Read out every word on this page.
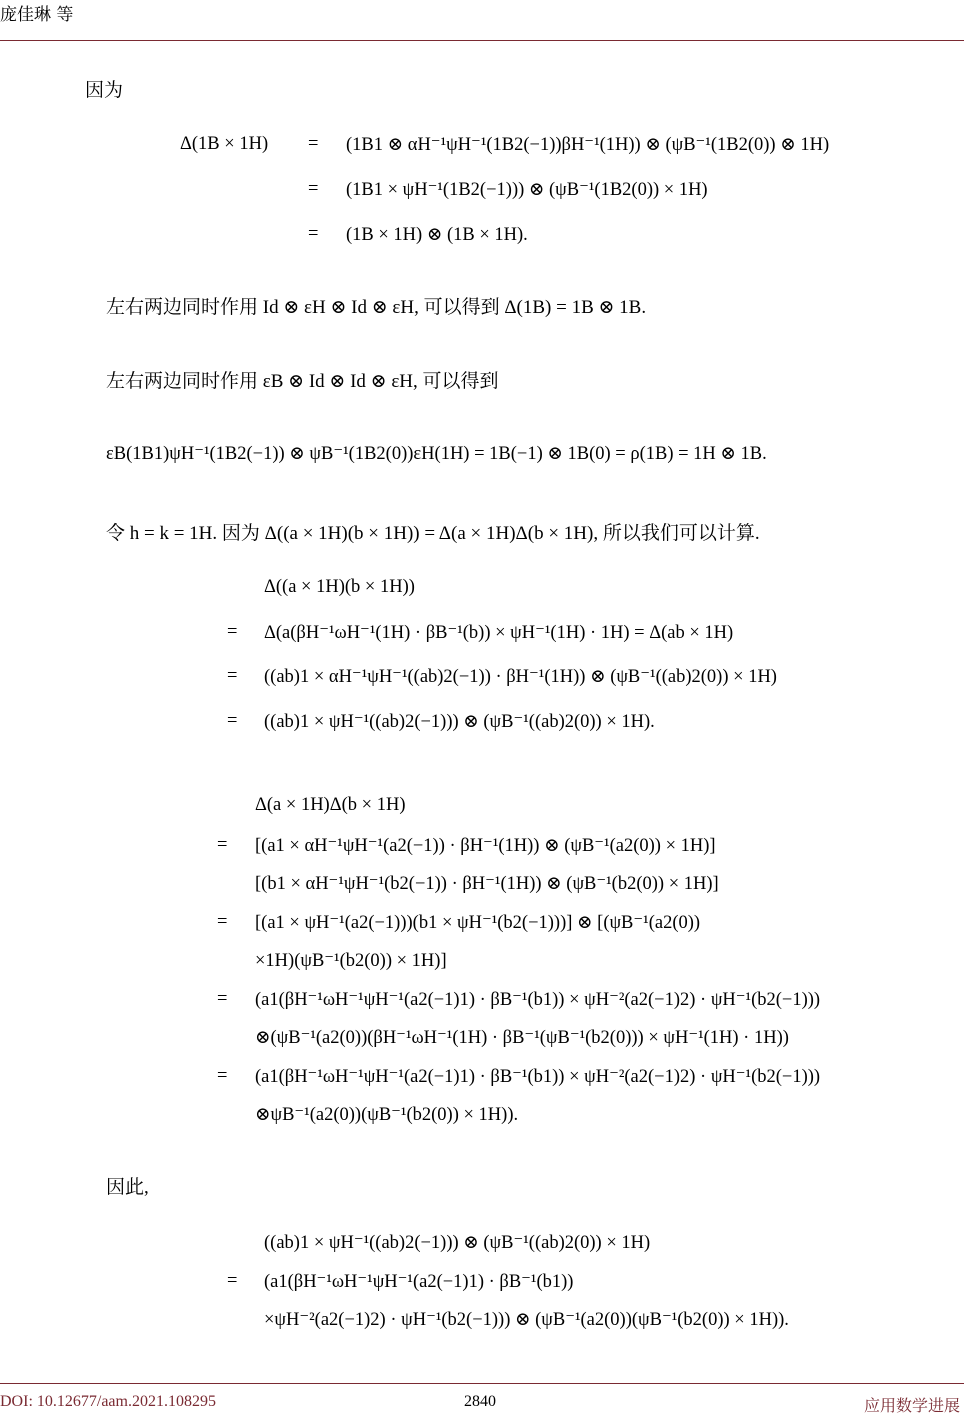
庞佳琳 等
因为
Δ(1B × 1H) = (1B1 ⊗ αH⁻¹ψH⁻¹(1B2(−1))βH⁻¹(1H)) ⊗ (ψB⁻¹(1B2(0)) ⊗ 1H)
= (1B1 × ψH⁻¹(1B2(−1))) ⊗ (ψB⁻¹(1B2(0)) × 1H)
= (1B × 1H) ⊗ (1B × 1H).
左右两边同时作用 Id ⊗ εH ⊗ Id ⊗ εH, 可以得到 Δ(1B) = 1B ⊗ 1B.
左右两边同时作用 εB ⊗ Id ⊗ Id ⊗ εH, 可以得到
εB(1B1)ψH⁻¹(1B2(−1)) ⊗ ψB⁻¹(1B2(0))εH(1H) = 1B(−1) ⊗ 1B(0) = ρ(1B) = 1H ⊗ 1B.
令 h = k = 1H. 因为 Δ((a × 1H)(b × 1H)) = Δ(a × 1H)Δ(b × 1H), 所以我们可以计算.
Δ((a × 1H)(b × 1H))
= Δ(a(βH⁻¹ωH⁻¹(1H) · βB⁻¹(b)) × ψH⁻¹(1H) · 1H) = Δ(ab × 1H)
= ((ab)1 × αH⁻¹ψH⁻¹((ab)2(−1)) · βH⁻¹(1H)) ⊗ (ψB⁻¹((ab)2(0)) × 1H)
= ((ab)1 × ψH⁻¹((ab)2(−1))) ⊗ (ψB⁻¹((ab)2(0)) × 1H).
Δ(a × 1H)Δ(b × 1H)
= [(a1 × αH⁻¹ψH⁻¹(a2(−1)) · βH⁻¹(1H)) ⊗ (ψB⁻¹(a2(0)) × 1H)]
[(b1 × αH⁻¹ψH⁻¹(b2(−1)) · βH⁻¹(1H)) ⊗ (ψB⁻¹(b2(0)) × 1H)]
= [(a1 × ψH⁻¹(a2(−1)))(b1 × ψH⁻¹(b2(−1)))] ⊗ [(ψB⁻¹(a2(0))
×1H)(ψB⁻¹(b2(0)) × 1H)]
= (a1(βH⁻¹ωH⁻¹ψH⁻¹(a2(−1)1) · βB⁻¹(b1)) × ψH⁻²(a2(−1)2) · ψH⁻¹(b2(−1)))
⊗(ψB⁻¹(a2(0))(βH⁻¹ωH⁻¹(1H) · βB⁻¹(ψB⁻¹(b2(0))) × ψH⁻¹(1H) · 1H))
= (a1(βH⁻¹ωH⁻¹ψH⁻¹(a2(−1)1) · βB⁻¹(b1)) × ψH⁻²(a2(−1)2) · ψH⁻¹(b2(−1)))
⊗ψB⁻¹(a2(0))(ψB⁻¹(b2(0)) × 1H)).
因此,
((ab)1 × ψH⁻¹((ab)2(−1))) ⊗ (ψB⁻¹((ab)2(0)) × 1H)
= (a1(βH⁻¹ωH⁻¹ψH⁻¹(a2(−1)1) · βB⁻¹(b1))
×ψH⁻²(a2(−1)2) · ψH⁻¹(b2(−1))) ⊗ (ψB⁻¹(a2(0))(ψB⁻¹(b2(0)) × 1H)).
DOI: 10.12677/aam.2021.108295	2840	应用数学进展
